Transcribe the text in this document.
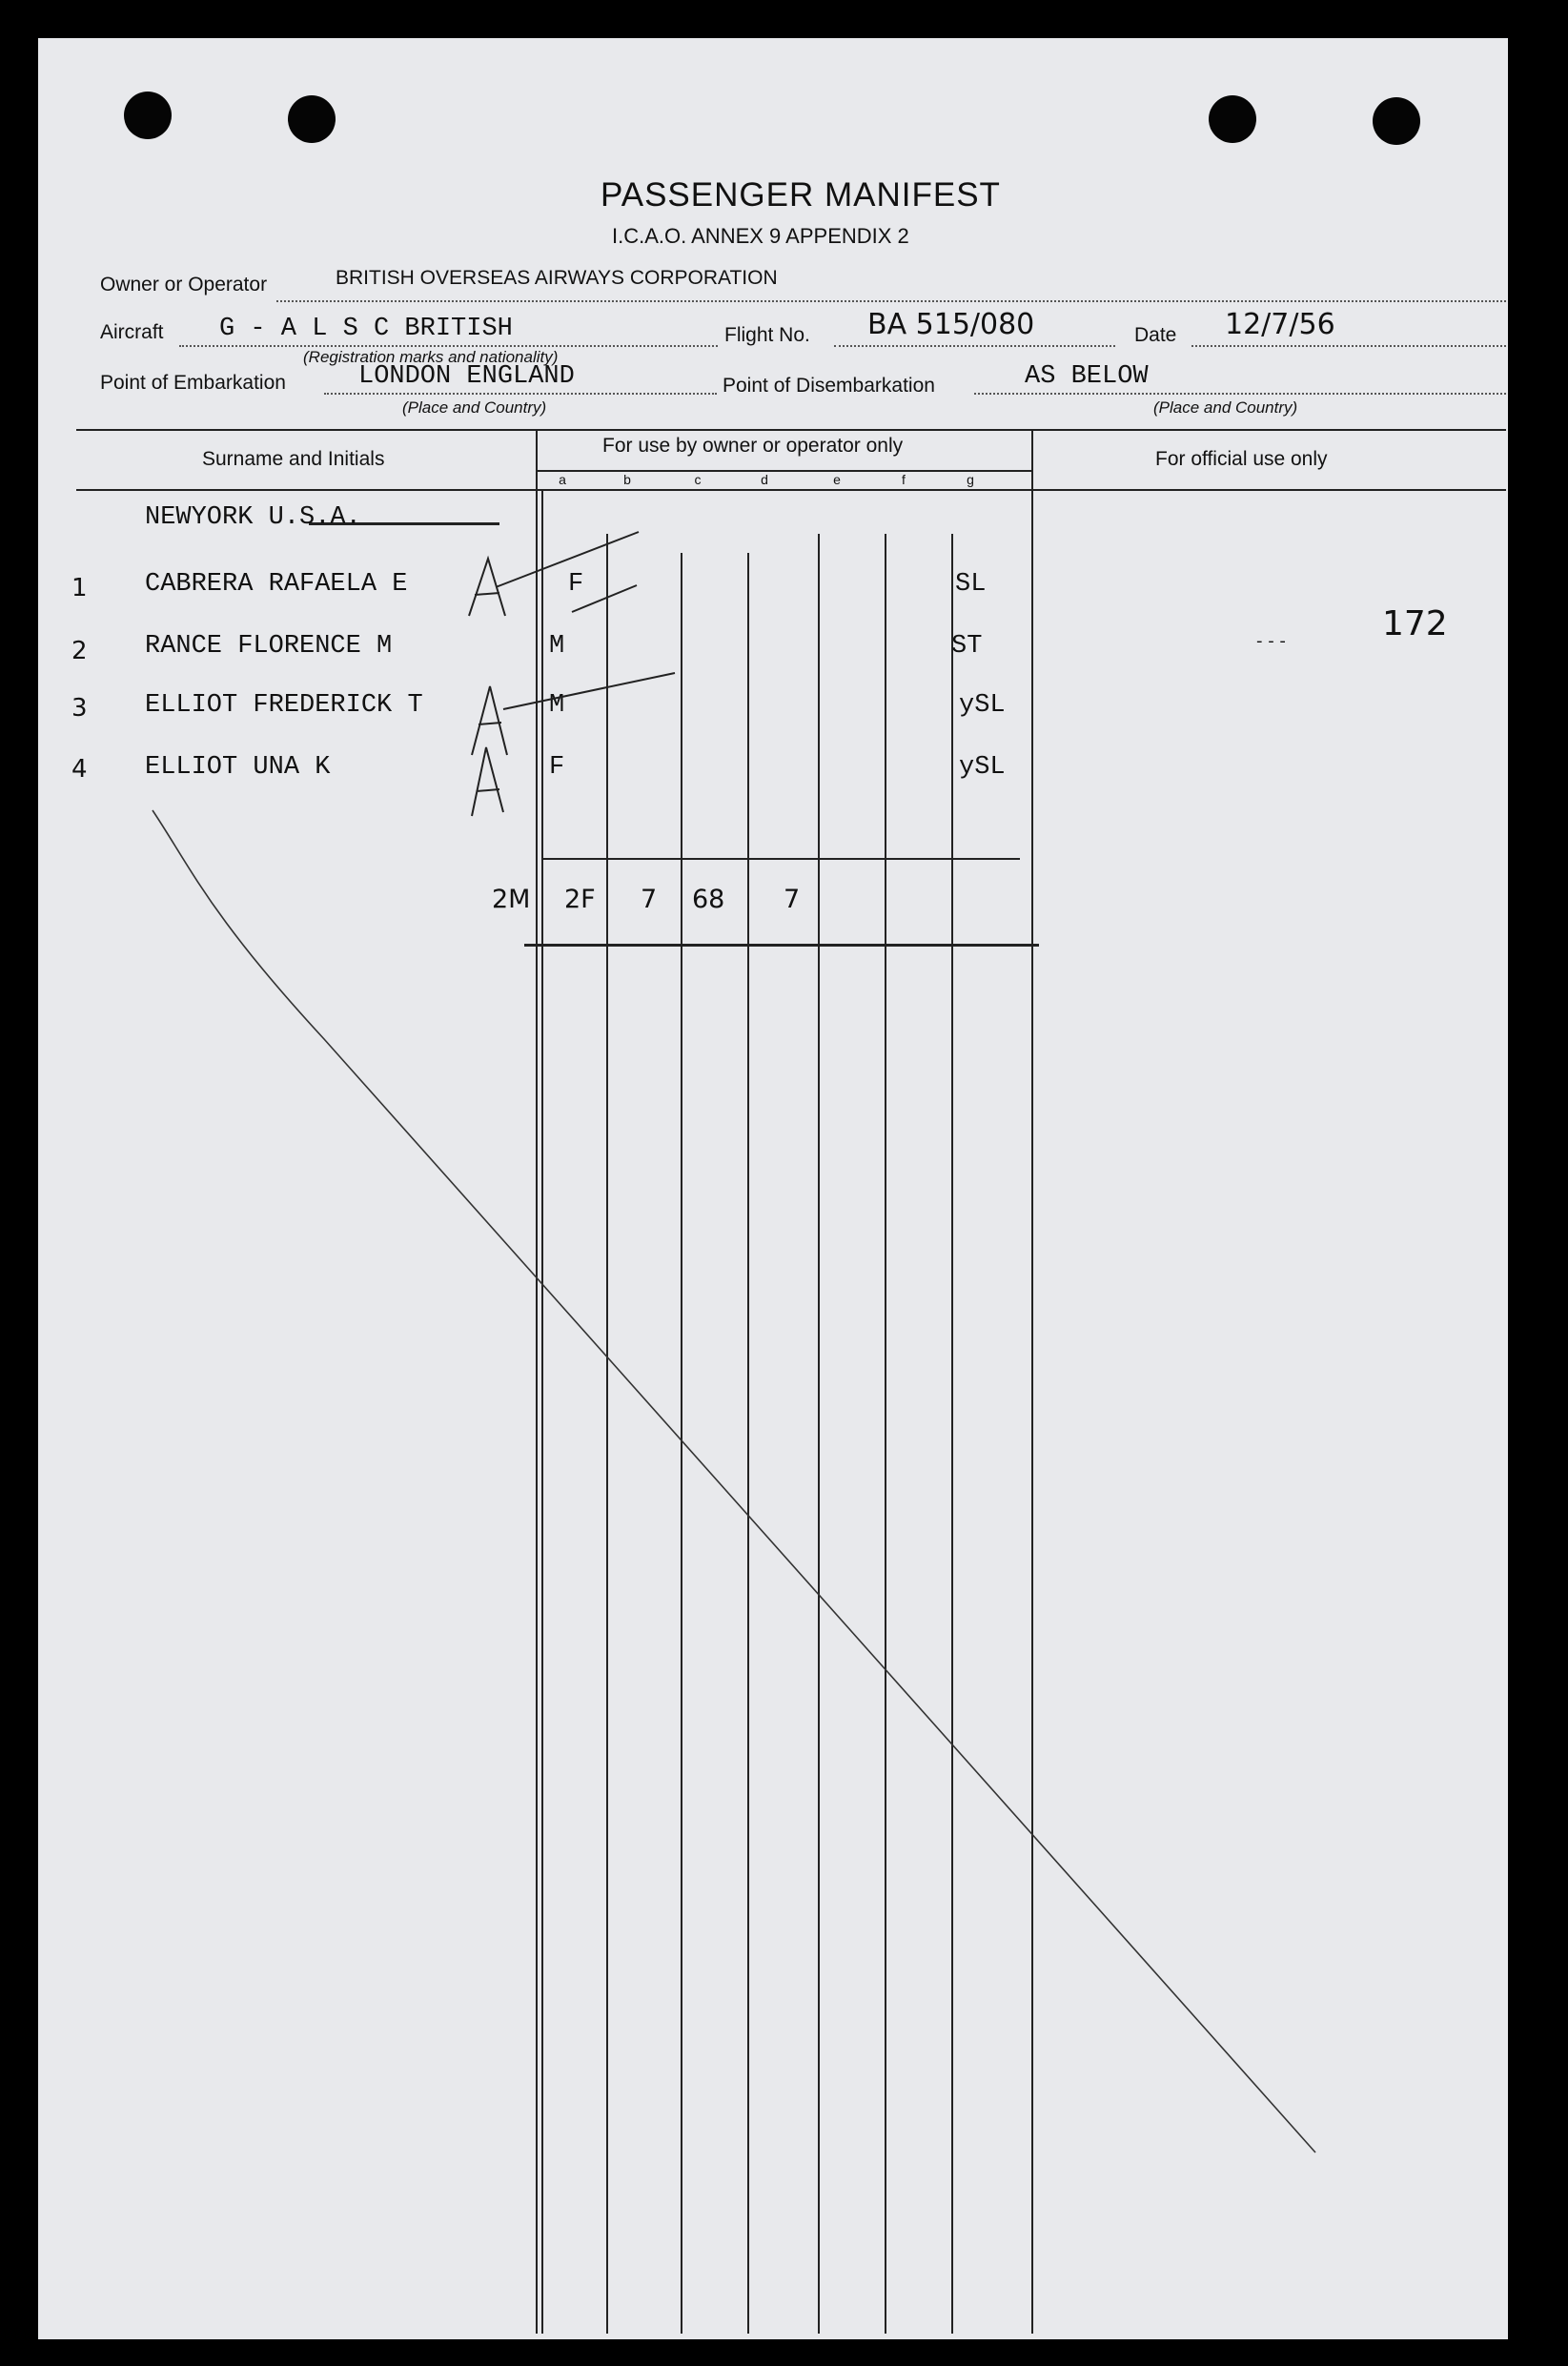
PASSENGER MANIFEST
I.C.A.O. ANNEX 9 APPENDIX 2
Owner or Operator	BRITISH OVERSEAS AIRWAYS CORPORATION
Aircraft G - A L S C BRITISH
(Registration marks and nationality)
Flight No. BA 515/080	Date 12/7/56
Point of Embarkation	LONDON ENGLAND
(Place and Country)
Point of Disembarkation	AS BELOW
(Place and Country)
Surname and Initials
For use by owner or operator only
For official use only
a	b	c	d	e	f	g
NEWYORK U.S.A.
1 CABRERA RAFAELA E	F	SL
2 RANCE FLORENCE M	M	ST
3 ELLIOT FREDERICK T	M	ySL
4 ELLIOT UNA K	F	ySL
- - -	172
2M 2F 7 68 7
